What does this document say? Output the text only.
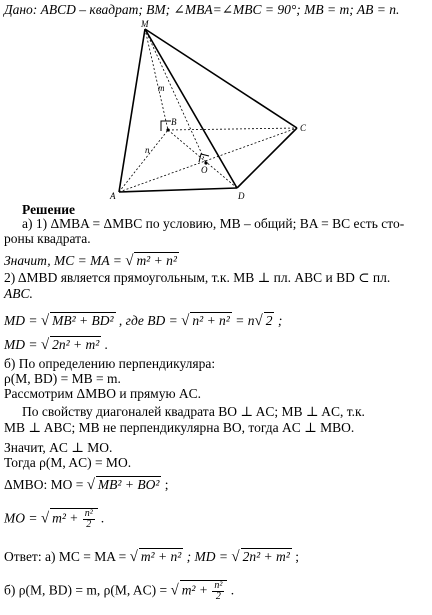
Дано: ABCD – квадрат; BM; ∠MBA=∠MBC = 90°; MB = m; AB = n.
M
m
B
C
n
O
A	D
Решение
а) 1) ΔMBA = ΔMBC по условию, MB – общий; BA = BC есть сто-
роны квадрата.
Значит, MC = MA = √ m² + n²
2) ΔMBD является прямоугольным, т.к. MB ⊥ пл. ABC и BD ⊂ пл.
ABC.
MD = √ MB² + BD² , где BD = √ n² + n² = n√ 2 ;
MD = √ 2n² + m² .
б) По определению перпендикуляра:
ρ(M, BD) = MB = m.
Рассмотрим ΔMBO и прямую AC.
По свойству диагоналей квадрата BO ⊥ AC; MB ⊥ AC, т.к.
MB ⊥ ABC; MB не перпендикулярна BO, тогда AC ⊥ MBO.
Значит, AC ⊥ MO.
Тогда ρ(M, AC) = MO.
ΔMBO: MO = √ MB² + BO² ;
MO = √ $m^2 + \frac{\text{n²}}{2}$ .
Ответ: а) MC = MA = √ m² + n² ; MD = √ 2n² + m² ;
б) ρ(M, BD) = m, ρ(M, AC) = √ $m^2 + \frac{\text{n²}}{2}$ .
